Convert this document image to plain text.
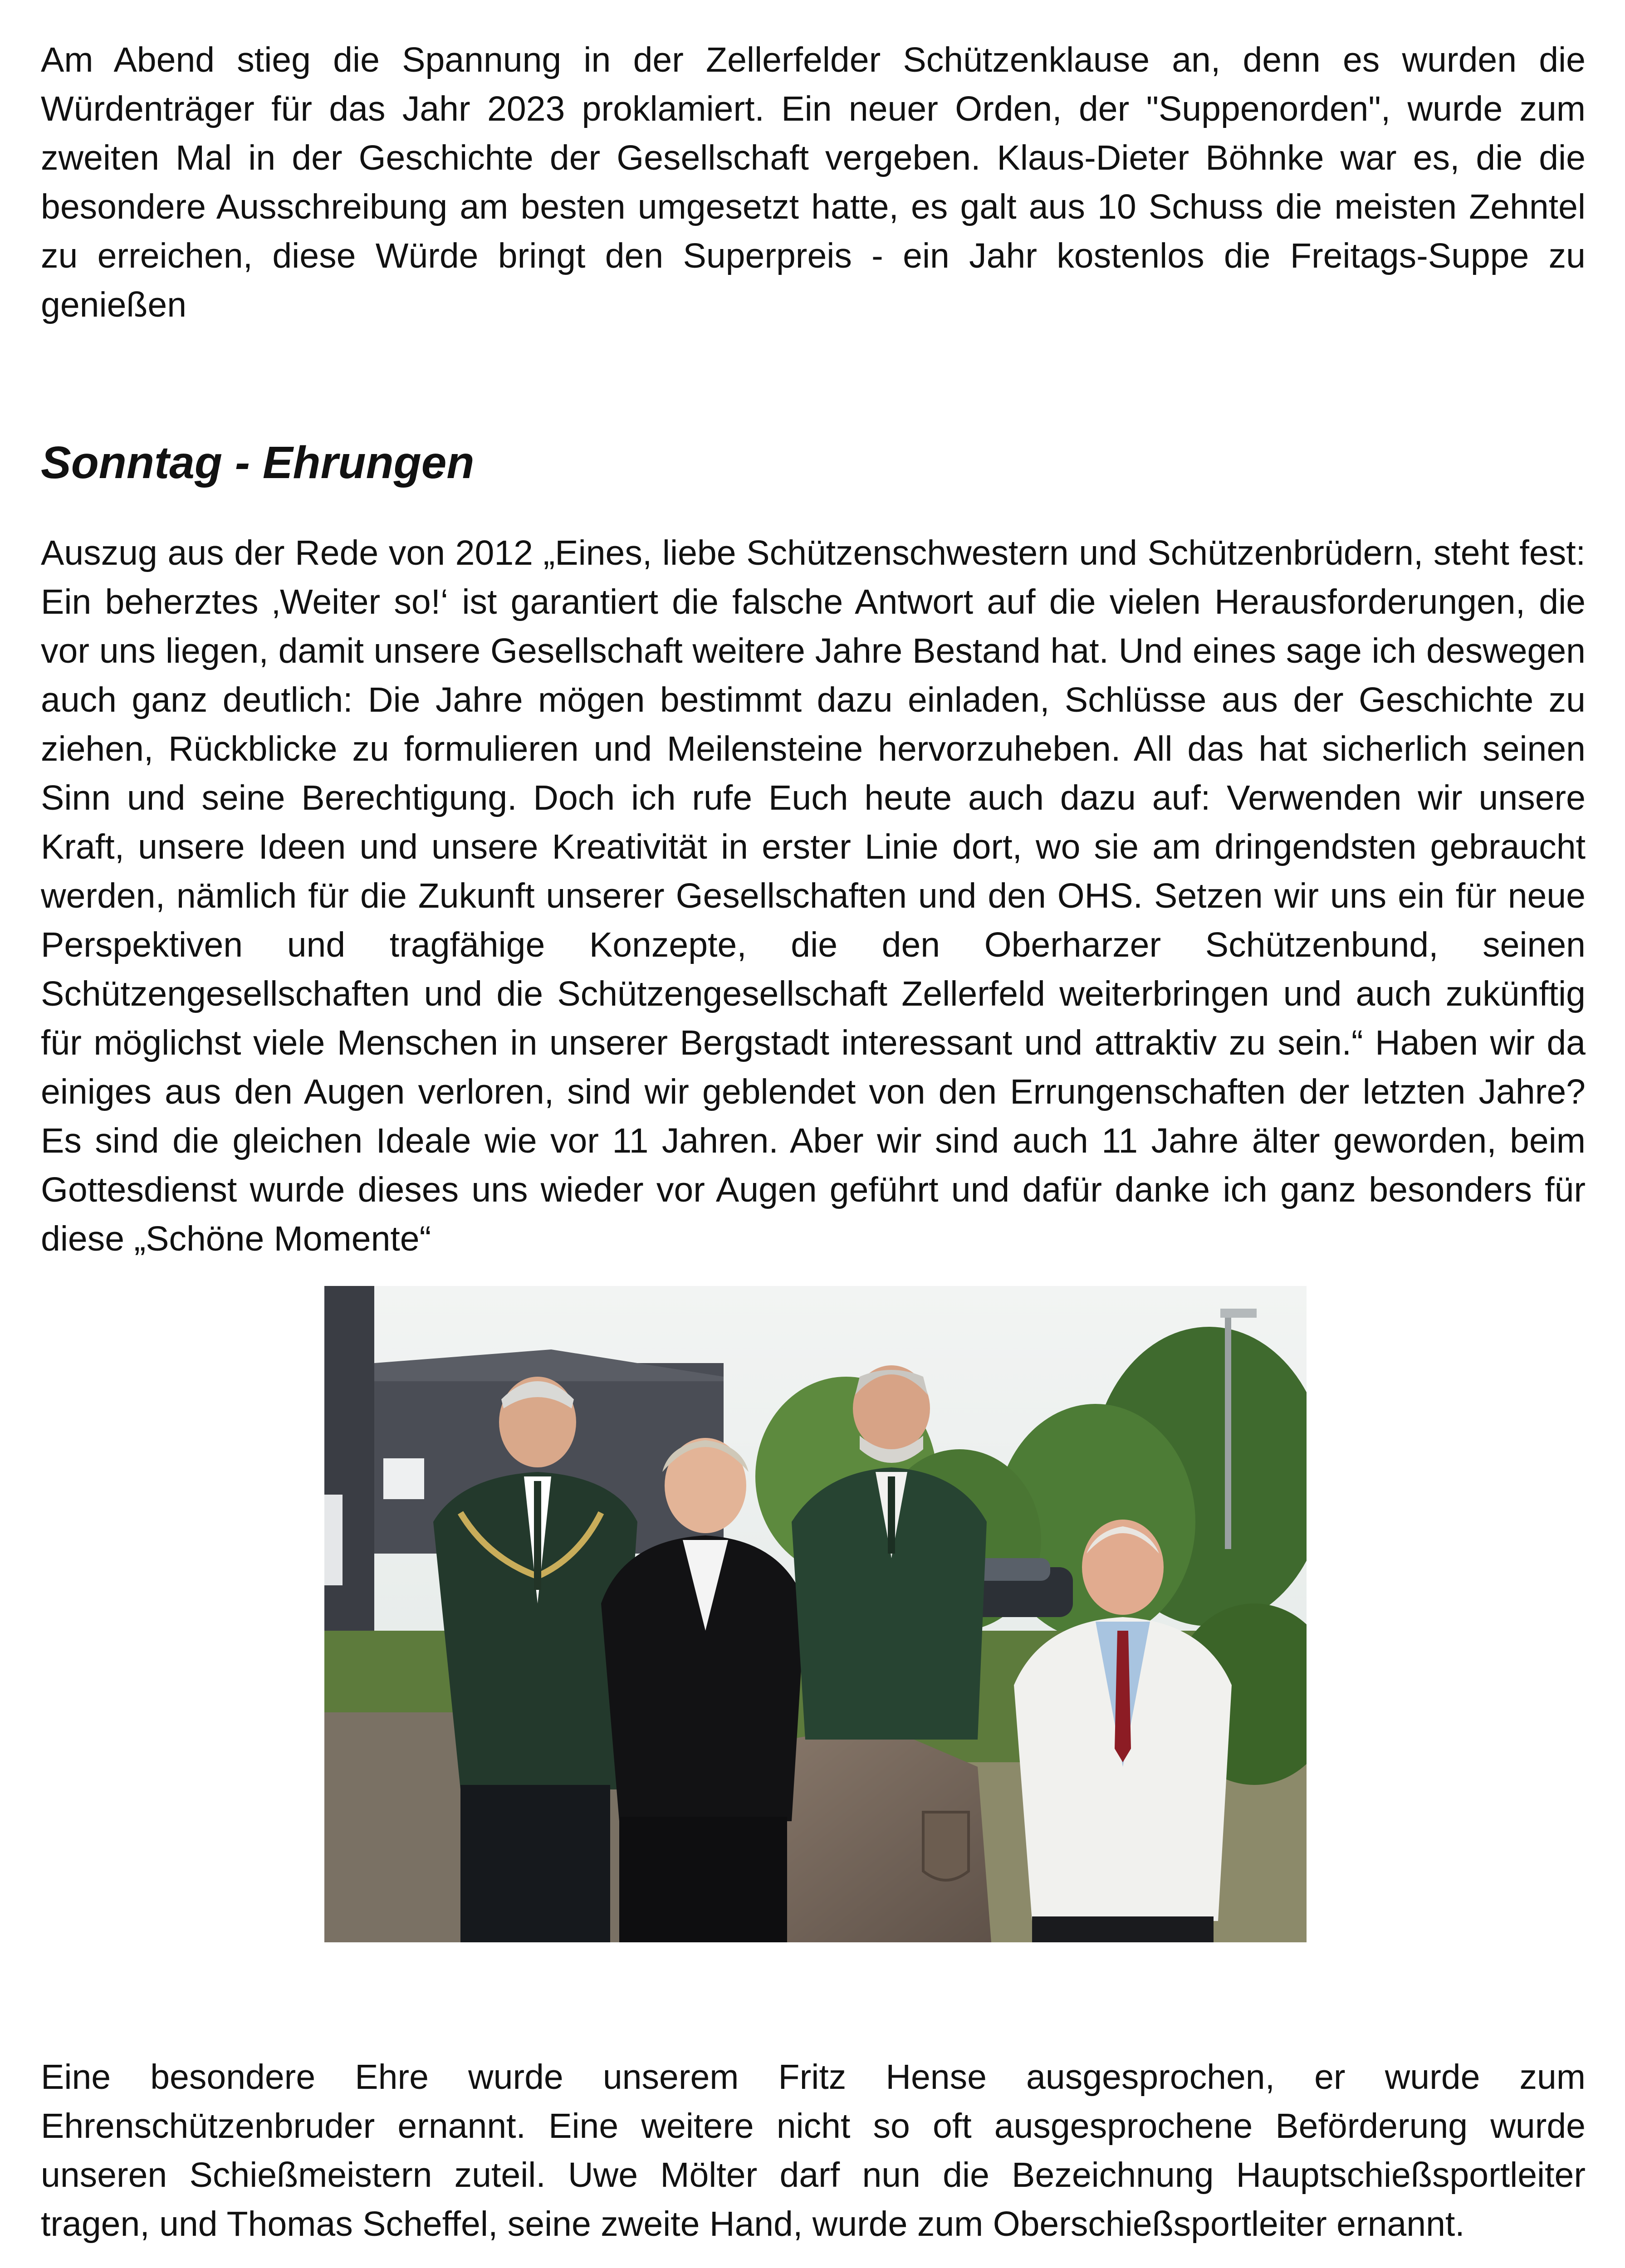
Am Abend stieg die Spannung in der Zellerfelder Schützenklause an, denn es wurden die Würdenträger für das Jahr 2023 proklamiert. Ein neuer Orden, der "Suppenorden", wurde zum zweiten Mal in der Geschichte der Gesellschaft vergeben. Klaus-Dieter Böhnke war es, die die besondere Ausschreibung am besten umgesetzt hatte, es galt aus 10 Schuss die meisten Zehntel zu erreichen, diese Würde bringt den Superpreis - ein Jahr kostenlos die Freitags-Suppe zu genießen

Sonntag - Ehrungen

Auszug aus der Rede von 2012 „Eines, liebe Schützenschwestern und Schützenbrüdern, steht fest: Ein beherztes ‚Weiter so!‘ ist garantiert die falsche Antwort auf die vielen Herausforderungen, die vor uns liegen, damit unsere Gesellschaft weitere Jahre Bestand hat. Und eines sage ich deswegen auch ganz deutlich: Die Jahre mögen bestimmt dazu einladen, Schlüsse aus der Geschichte zu ziehen, Rückblicke zu formulieren und Meilensteine hervorzuheben. All das hat sicherlich seinen Sinn und seine Berechtigung. Doch ich rufe Euch heute auch dazu auf: Verwenden wir unsere Kraft, unsere Ideen und unsere Kreativität in erster Linie dort, wo sie am dringendsten gebraucht werden, nämlich für die Zukunft unserer Gesellschaften und den OHS. Setzen wir uns ein für neue Perspektiven und tragfähige Konzepte, die den Oberharzer Schützenbund, seinen Schützengesellschaften und die Schützengesellschaft Zellerfeld weiterbringen und auch zukünftig für möglichst viele Menschen in unserer Bergstadt interessant und attraktiv zu sein.“ Haben wir da einiges aus den Augen verloren, sind wir geblendet von den Errungenschaften der letzten Jahre? Es sind die gleichen Ideale wie vor 11 Jahren. Aber wir sind auch 11 Jahre älter geworden, beim Gottesdienst wurde dieses uns wieder vor Augen geführt und dafür danke ich ganz besonders für diese „Schöne Momente“

Eine besondere Ehre wurde unserem Fritz Hense ausgesprochen, er wurde zum Ehrenschützenbruder ernannt. Eine weitere nicht so oft ausgesprochene Beförderung wurde unseren Schießmeistern zuteil. Uwe Mölter darf nun die Bezeichnung Hauptschießsportleiter tragen, und Thomas Scheffel, seine zweite Hand, wurde zum Oberschießsportleiter ernannt.
